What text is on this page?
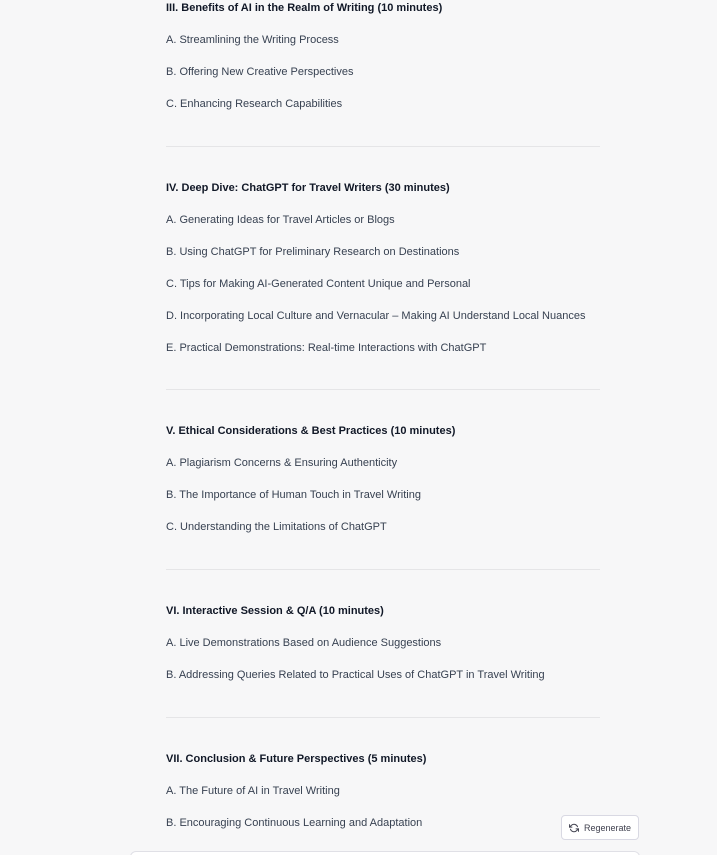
III. Benefits of AI in the Realm of Writing (10 minutes)
A. Streamlining the Writing Process
B. Offering New Creative Perspectives
C. Enhancing Research Capabilities
IV. Deep Dive: ChatGPT for Travel Writers (30 minutes)
A. Generating Ideas for Travel Articles or Blogs
B. Using ChatGPT for Preliminary Research on Destinations
C. Tips for Making AI-Generated Content Unique and Personal
D. Incorporating Local Culture and Vernacular – Making AI Understand Local Nuances
E. Practical Demonstrations: Real-time Interactions with ChatGPT
V. Ethical Considerations & Best Practices (10 minutes)
A. Plagiarism Concerns & Ensuring Authenticity
B. The Importance of Human Touch in Travel Writing
C. Understanding the Limitations of ChatGPT
VI. Interactive Session & Q/A (10 minutes)
A. Live Demonstrations Based on Audience Suggestions
B. Addressing Queries Related to Practical Uses of ChatGPT in Travel Writing
VII. Conclusion & Future Perspectives (5 minutes)
A. The Future of AI in Travel Writing
B. Encouraging Continuous Learning and Adaptation	Regenerate
